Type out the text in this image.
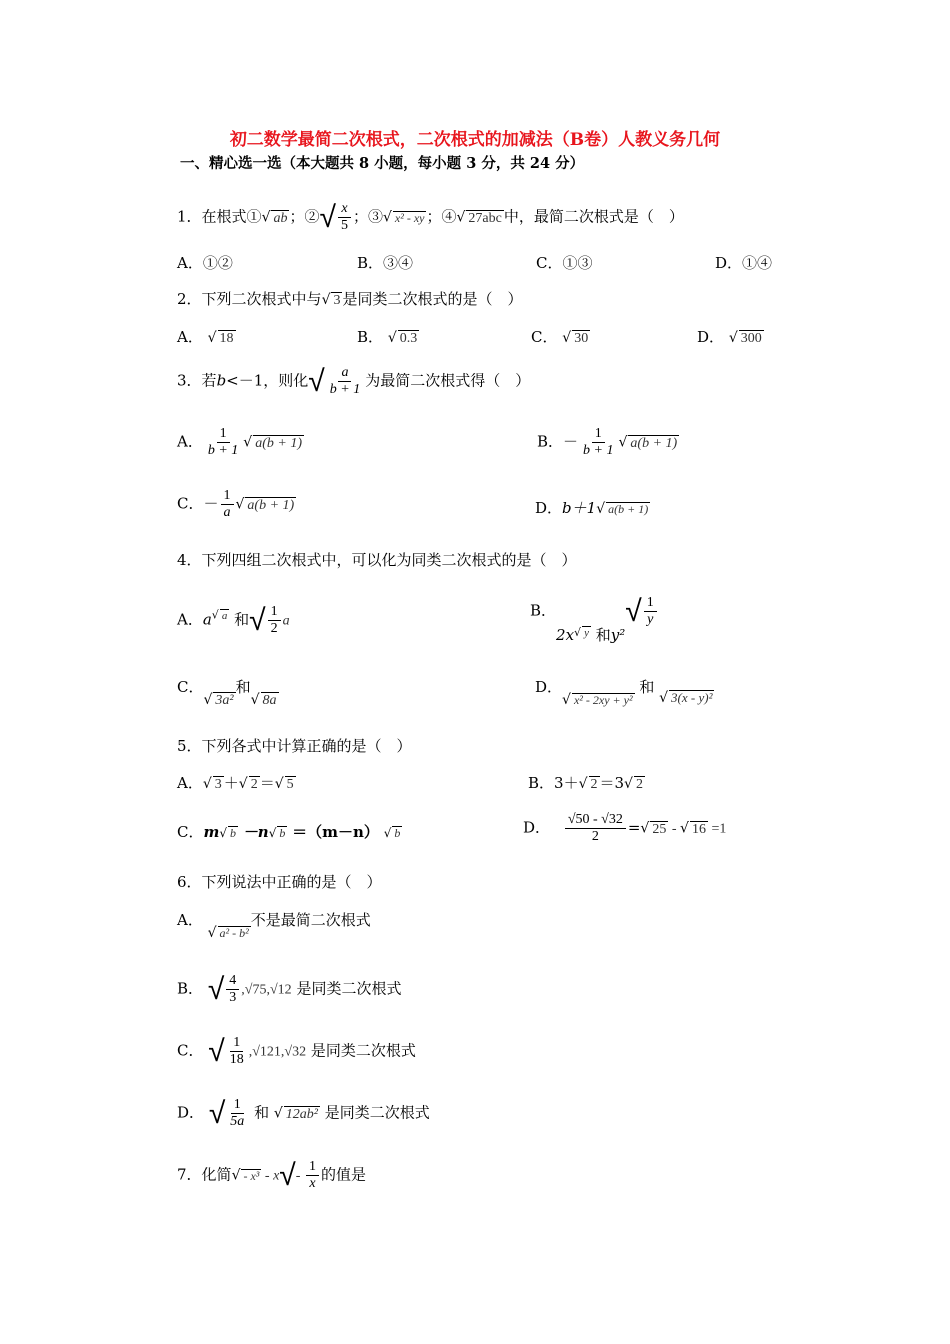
初二数学最简二次根式，二次根式的加减法（B卷）人教义务几何
一、精心选一选（本大题共 8 小题，每小题 3 分，共 24 分）
1．在根式①√ ab ；②√ $\frac{x}{5}$ ；③√ x² - xy ；④√ 27abc 中，最简二次根式是（　）
A．①②	B．③④	C．①③	D．①④
2．下列二次根式中与√ 3 是同类二次根式的是（　）
A． √ 18	B． √ 0.3	C． √ 30	D． √ 300
3．若b<－1，则化√ $\frac{a}{b + 1}$ 为最简二次根式得（　）
A． $\frac{1}{b + 1}$ √ a(b + 1)	B．－ $\frac{1}{b + 1}$ √ a(b + 1)
C．－ $\frac{1}{a}$ √ a(b + 1)	D．b＋1√ a(b + 1)
4．下列四组二次根式中，可以化为同类二次根式的是（　）
A．a√ a 和√ $\frac{1}{2}$ a
B．$2x_√$ y 和$y^2√ \frac{1}{y}$
C．√ 3a²和√ 8a
D．√ x² - 2xy + y² 和 √ 3(x - y)²
5．下列各式中计算正确的是（　）
A．√ 3 ＋√ 2 ＝√ 5	B．3＋√ 2 ＝3√ 2
C．m√ b －n√ b ＝（m－n） √ b	D． $\frac{√50 - √32}{2}$ =√ 25 - √ 16 =1
6．下列说法中正确的是（　）
A． √ a² - b²不是最简二次根式
B． √ $\frac{4}{3} ,√75,√12$ 是同类二次根式
C． √ $\frac{1}{18} ,√121,√32$ 是同类二次根式
D． √ $\frac{1}{5a}$ 和 √ 12ab² 是同类二次根式
7．化简√ - $x^3 - x√- \frac{1}{x}$ 的值是
